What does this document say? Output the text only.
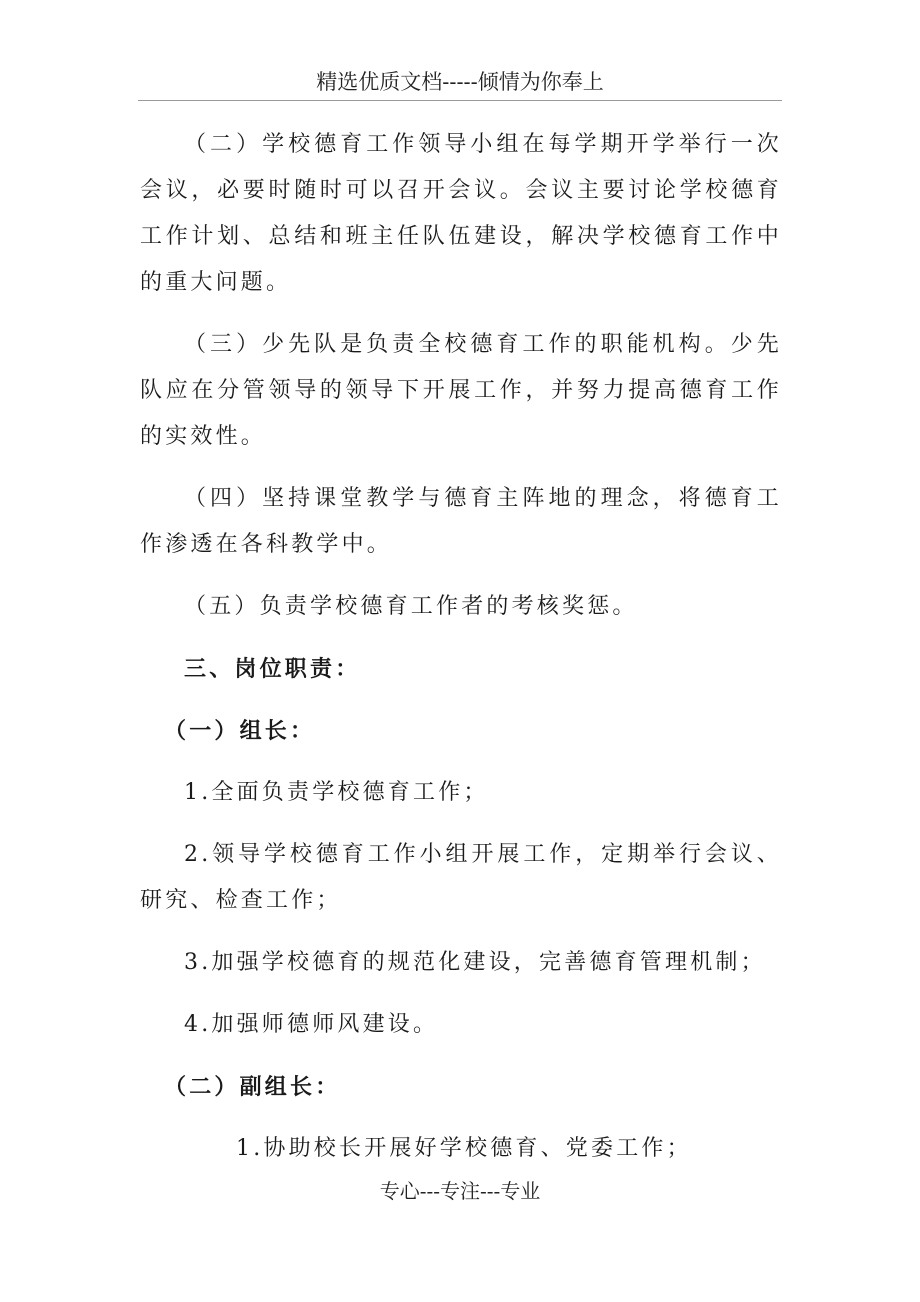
精选优质文档-----倾情为你奉上

（二）学校德育工作领导小组在每学期开学举行一次会议，必要时随时可以召开会议。会议主要讨论学校德育工作计划、总结和班主任队伍建设，解决学校德育工作中的重大问题。

（三）少先队是负责全校德育工作的职能机构。少先队应在分管领导的领导下开展工作，并努力提高德育工作的实效性。

（四）坚持课堂教学与德育主阵地的理念，将德育工作渗透在各科教学中。

（五）负责学校德育工作者的考核奖惩。

三、岗位职责：

（一）组长：

1.全面负责学校德育工作；

2.领导学校德育工作小组开展工作，定期举行会议、研究、检查工作；

3.加强学校德育的规范化建设，完善德育管理机制；

4.加强师德师风建设。

（二）副组长：

1.协助校长开展好学校德育、党委工作；

专心---专注---专业
